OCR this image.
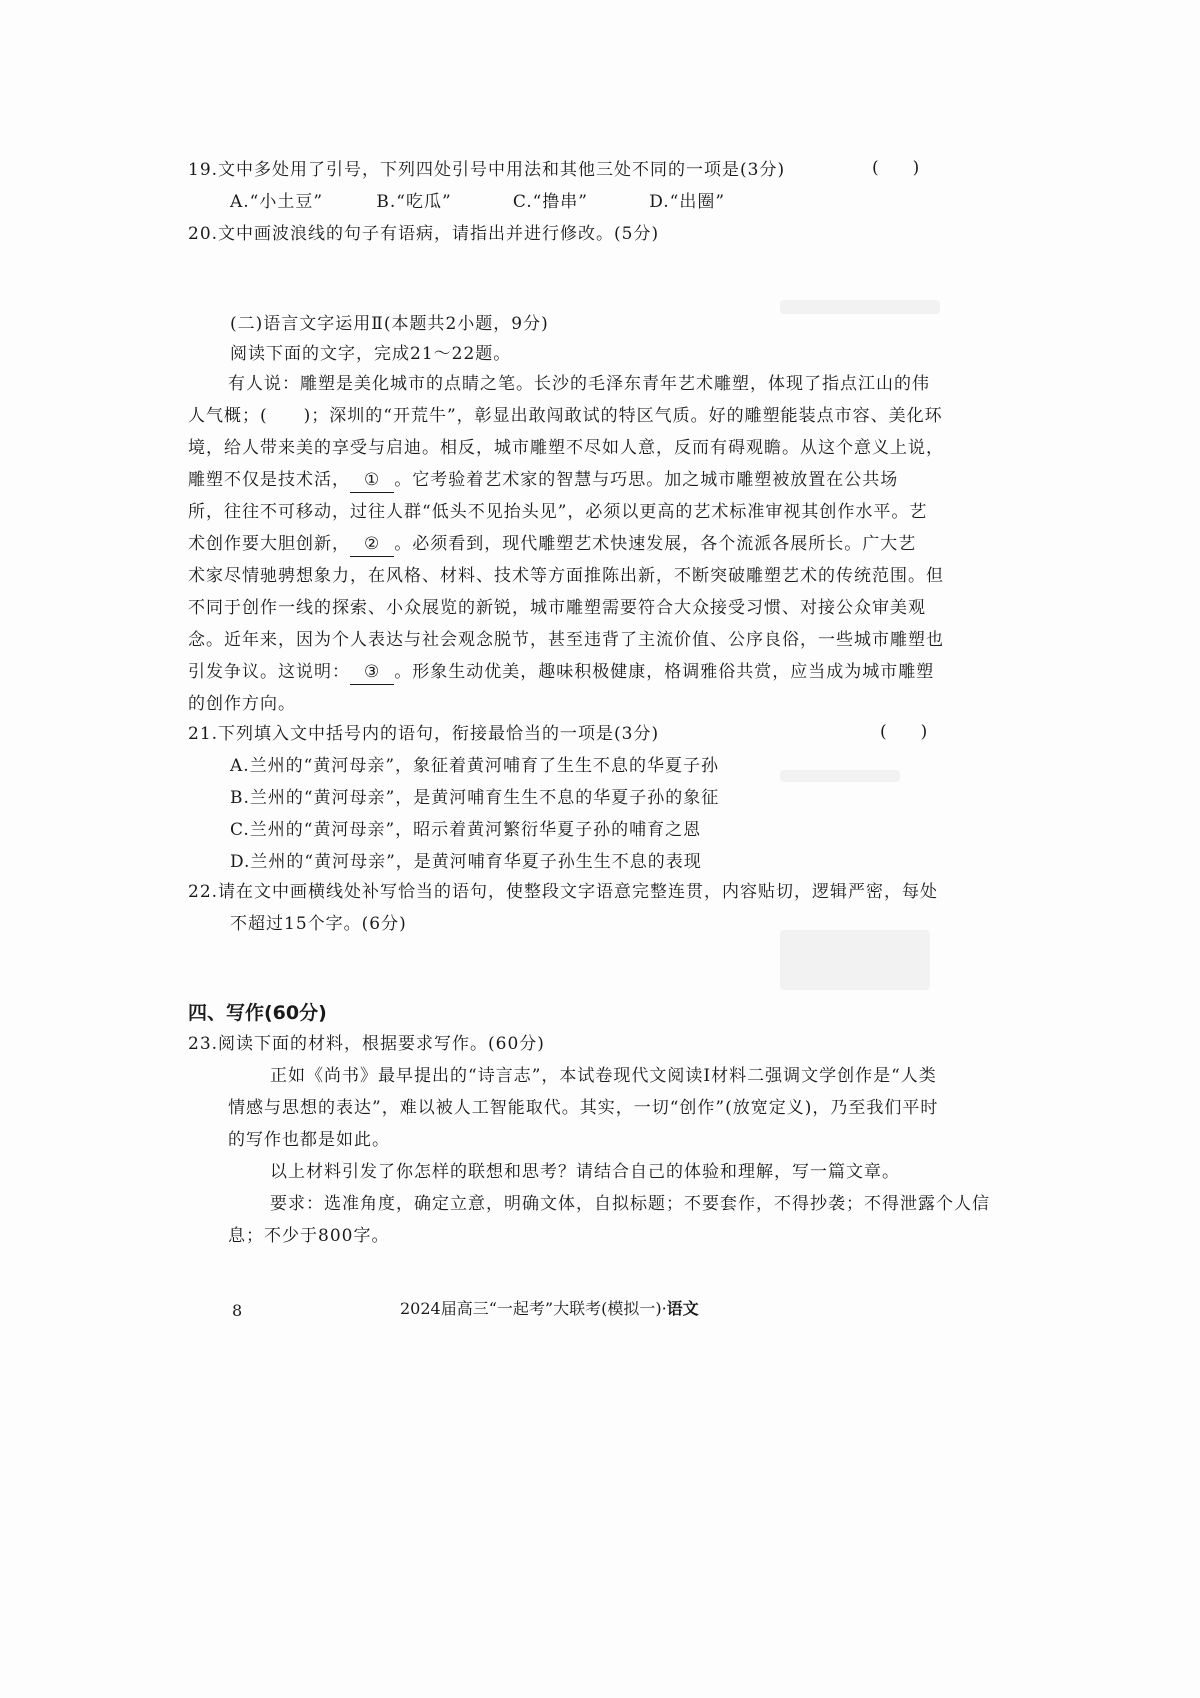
19.文中多处用了引号，下列四处引号中用法和其他三处不同的一项是(3分)	(　　)
A.“小土豆”	B.“吃瓜”	C.“撸串”	D.“出圈”
20.文中画波浪线的句子有语病，请指出并进行修改。(5分)
(二)语言文字运用Ⅱ(本题共2小题，9分)
阅读下面的文字，完成21～22题。
有人说：雕塑是美化城市的点睛之笔。长沙的毛泽东青年艺术雕塑，体现了指点江山的伟
人气概；(　　)；深圳的“开荒牛”，彰显出敢闯敢试的特区气质。好的雕塑能装点市容、美化环
境，给人带来美的享受与启迪。相反，城市雕塑不尽如人意，反而有碍观瞻。从这个意义上说，
雕塑不仅是技术活， ① 。它考验着艺术家的智慧与巧思。加之城市雕塑被放置在公共场
所，往往不可移动，过往人群“低头不见抬头见”，必须以更高的艺术标准审视其创作水平。艺
术创作要大胆创新， ② 。必须看到，现代雕塑艺术快速发展，各个流派各展所长。广大艺
术家尽情驰骋想象力，在风格、材料、技术等方面推陈出新，不断突破雕塑艺术的传统范围。但
不同于创作一线的探索、小众展览的新锐，城市雕塑需要符合大众接受习惯、对接公众审美观
念。近年来，因为个人表达与社会观念脱节，甚至违背了主流价值、公序良俗，一些城市雕塑也
引发争议。这说明： ③ 。形象生动优美，趣味积极健康，格调雅俗共赏，应当成为城市雕塑
的创作方向。
21.下列填入文中括号内的语句，衔接最恰当的一项是(3分)	(　　)
A.兰州的“黄河母亲”，象征着黄河哺育了生生不息的华夏子孙
B.兰州的“黄河母亲”，是黄河哺育生生不息的华夏子孙的象征
C.兰州的“黄河母亲”，昭示着黄河繁衍华夏子孙的哺育之恩
D.兰州的“黄河母亲”，是黄河哺育华夏子孙生生不息的表现
22.请在文中画横线处补写恰当的语句，使整段文字语意完整连贯，内容贴切，逻辑严密，每处
不超过15个字。(6分)
四、写作(60分)
23.阅读下面的材料，根据要求写作。(60分)
正如《尚书》最早提出的“诗言志”，本试卷现代文阅读Ⅰ材料二强调文学创作是“人类
情感与思想的表达”，难以被人工智能取代。其实，一切“创作”(放宽定义)，乃至我们平时
的写作也都是如此。
以上材料引发了你怎样的联想和思考？请结合自己的体验和理解，写一篇文章。
要求：选准角度，确定立意，明确文体，自拟标题；不要套作，不得抄袭；不得泄露个人信
息；不少于800字。
8	2024届高三“一起考”大联考(模拟一)·语文
